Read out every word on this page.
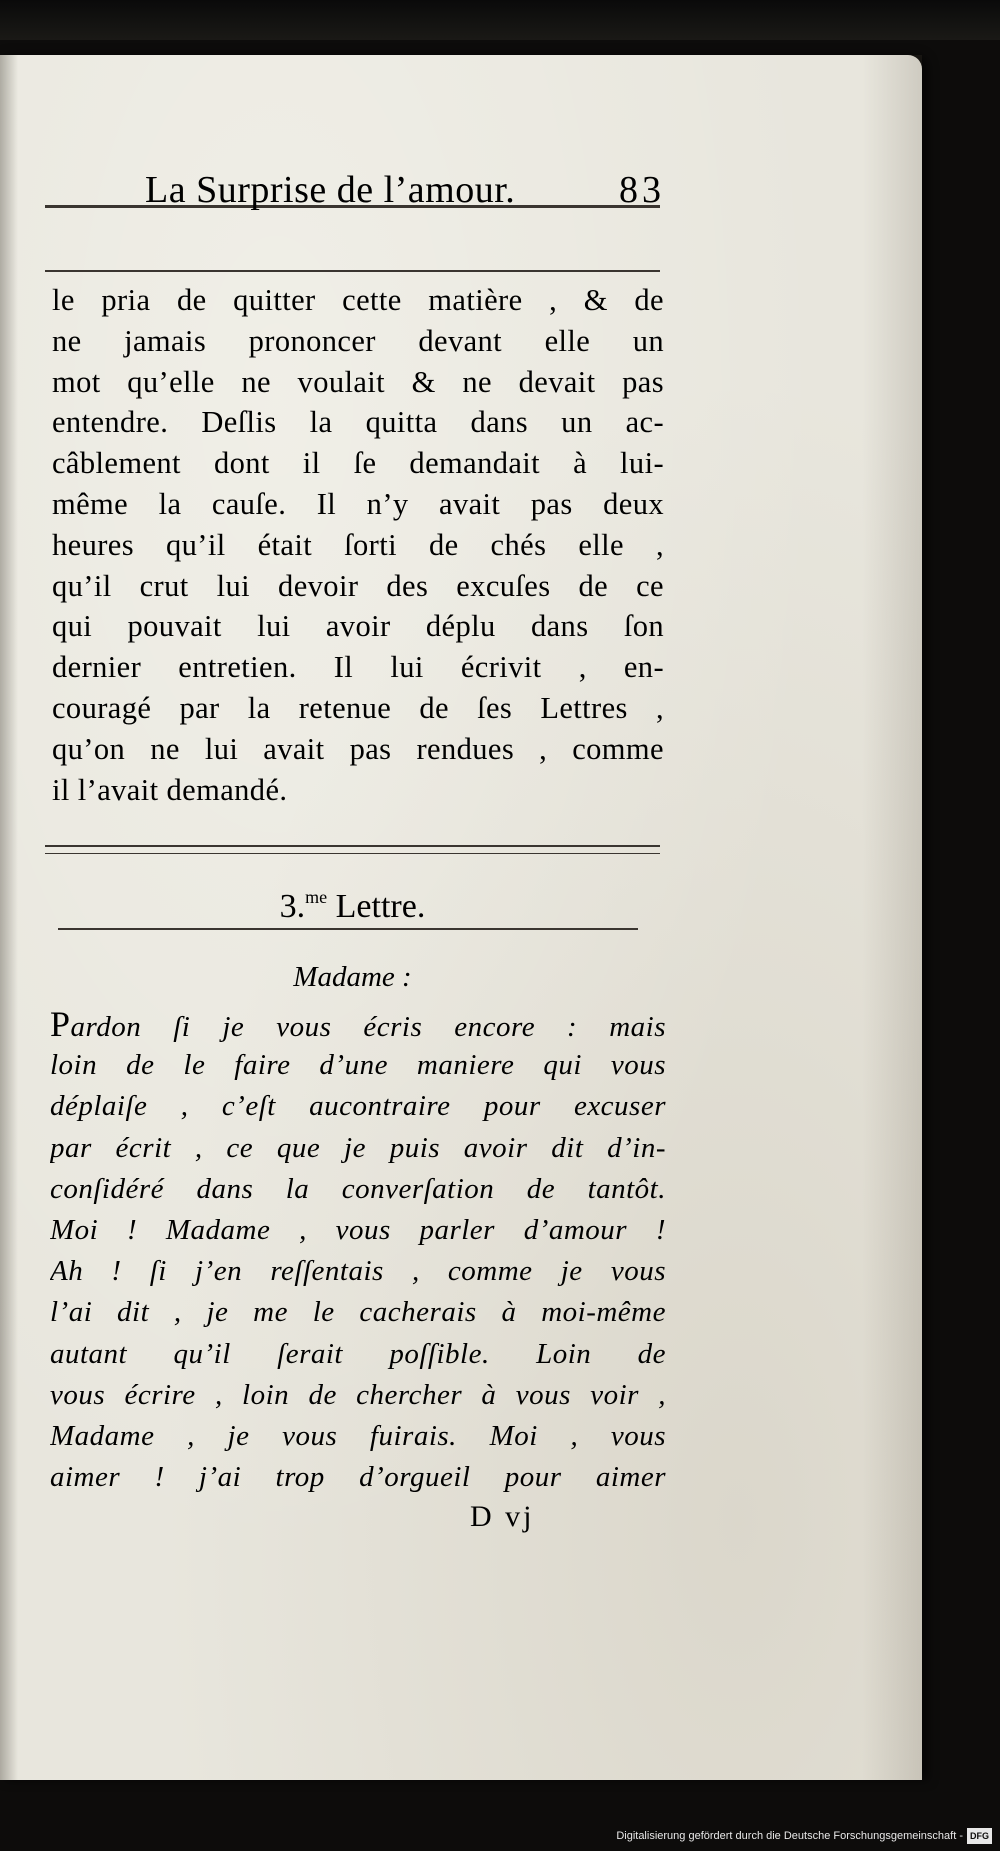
La Surprise de l’amour.	83
le pria de quitter cette matière , & de
ne jamais prononcer devant elle un
mot qu’elle ne voulait & ne devait pas
entendre. Deſlis la quitta dans un ac-
câblement dont il ſe demandait à lui-
même la cauſe. Il n’y avait pas deux
heures qu’il était ſorti de chés elle ,
qu’il crut lui devoir des excuſes de ce
qui pouvait lui avoir déplu dans ſon
dernier entretien. Il lui écrivit , en-
couragé par la retenue de ſes Lettres ,
qu’on ne lui avait pas rendues , comme
il l’avait demandé.
3.$^{me}$ Lettre.
Madame :
Pardon ſi je vous écris encore : mais
loin de le faire d’une maniere qui vous
déplaiſe , c’eſt aucontraire pour excuser
par écrit , ce que je puis avoir dit d’in-
conſidéré dans la converſation de tantôt.
Moi ! Madame , vous parler d’amour !
Ah ! ſi j’en reſſentais , comme je vous
l’ai dit , je me le cacherais à moi-même
autant qu’il ſerait poſſible. Loin de
vous écrire , loin de chercher à vous voir ,
Madame , je vous fuirais. Moi , vous
aimer ! j’ai trop d’orgueil pour aimer
D vj
Digitalisierung gefördert durch die Deutsche Forschungsgemeinschaft - DFG
